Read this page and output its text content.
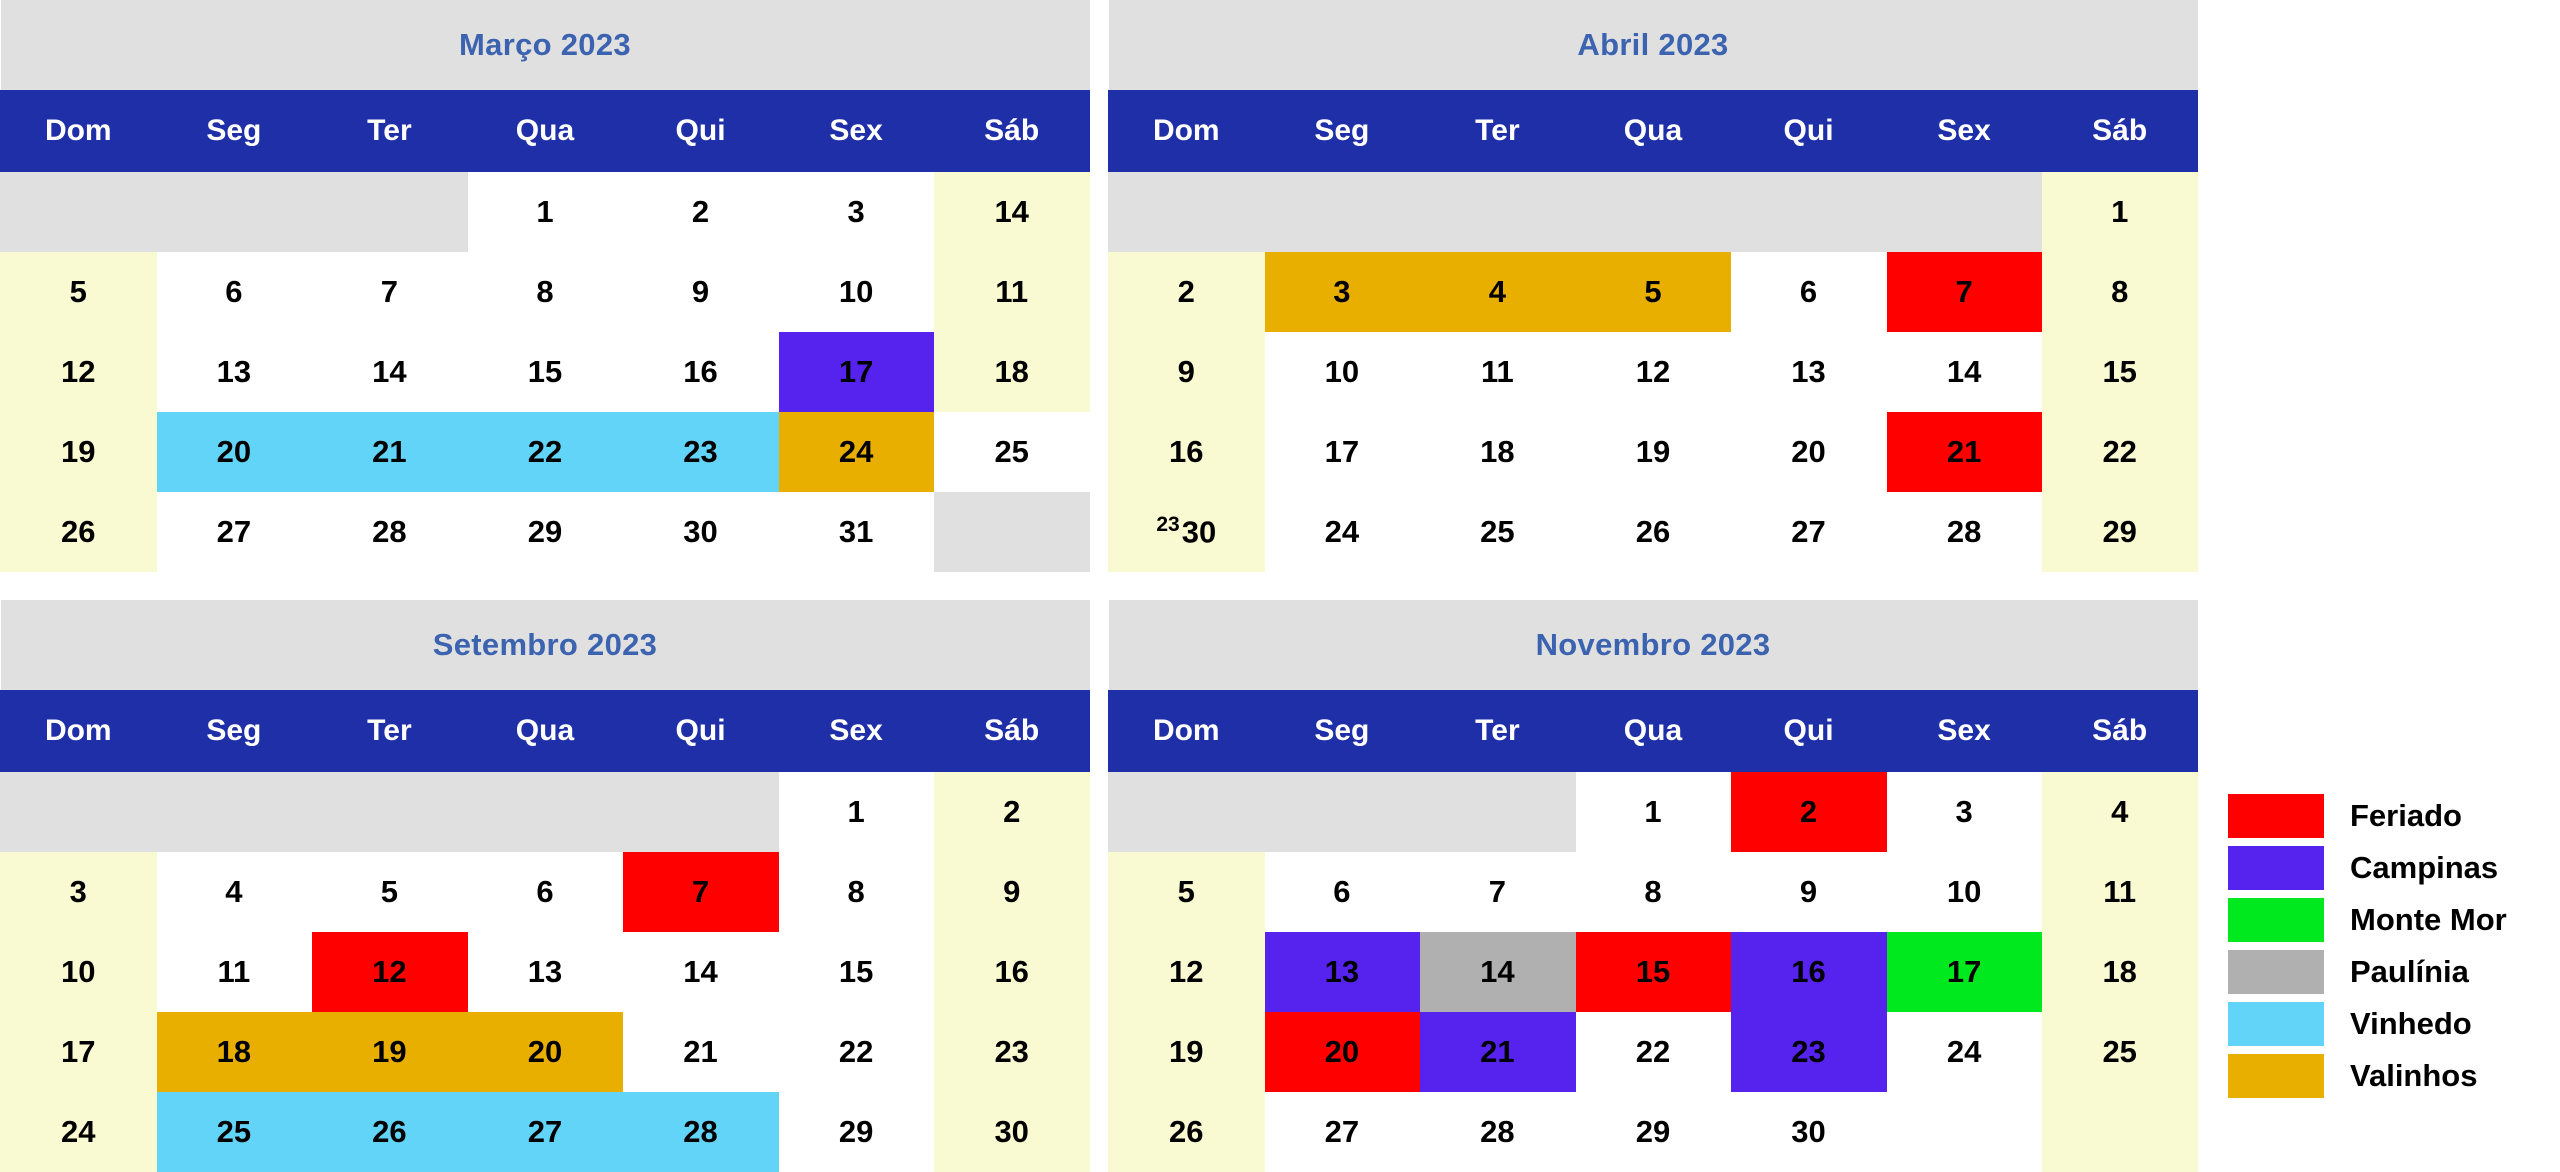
Março 2023						
Dom	Seg	Ter	Qua	Qui	Sex	Sáb
			1	2	3	14
5	6	7	8	9	10	11
12	13	14	15	16	17	18
19	20	21	22	23	24	25
26	27	28	29	30	31	
Abril 2023						
Dom	Seg	Ter	Qua	Qui	Sex	Sáb
						1
2	3	4	5	6	7	8
9	10	11	12	13	14	15
16	17	18	19	20	21	22
$^{23}$30	24	25	26	27	28	29
Setembro 2023						
Dom	Seg	Ter	Qua	Qui	Sex	Sáb
					1	2
3	4	5	6	7	8	9
10	11	12	13	14	15	16
17	18	19	20	21	22	23
24	25	26	27	28	29	30
Novembro 2023						
Dom	Seg	Ter	Qua	Qui	Sex	Sáb
			1	2	3	4
5	6	7	8	9	10	11
12	13	14	15	16	17	18
19	20	21	22	23	24	25
26	27	28	29	30		
Feriado
Campinas
Monte Mor
Paulínia
Vinhedo
Valinhos
